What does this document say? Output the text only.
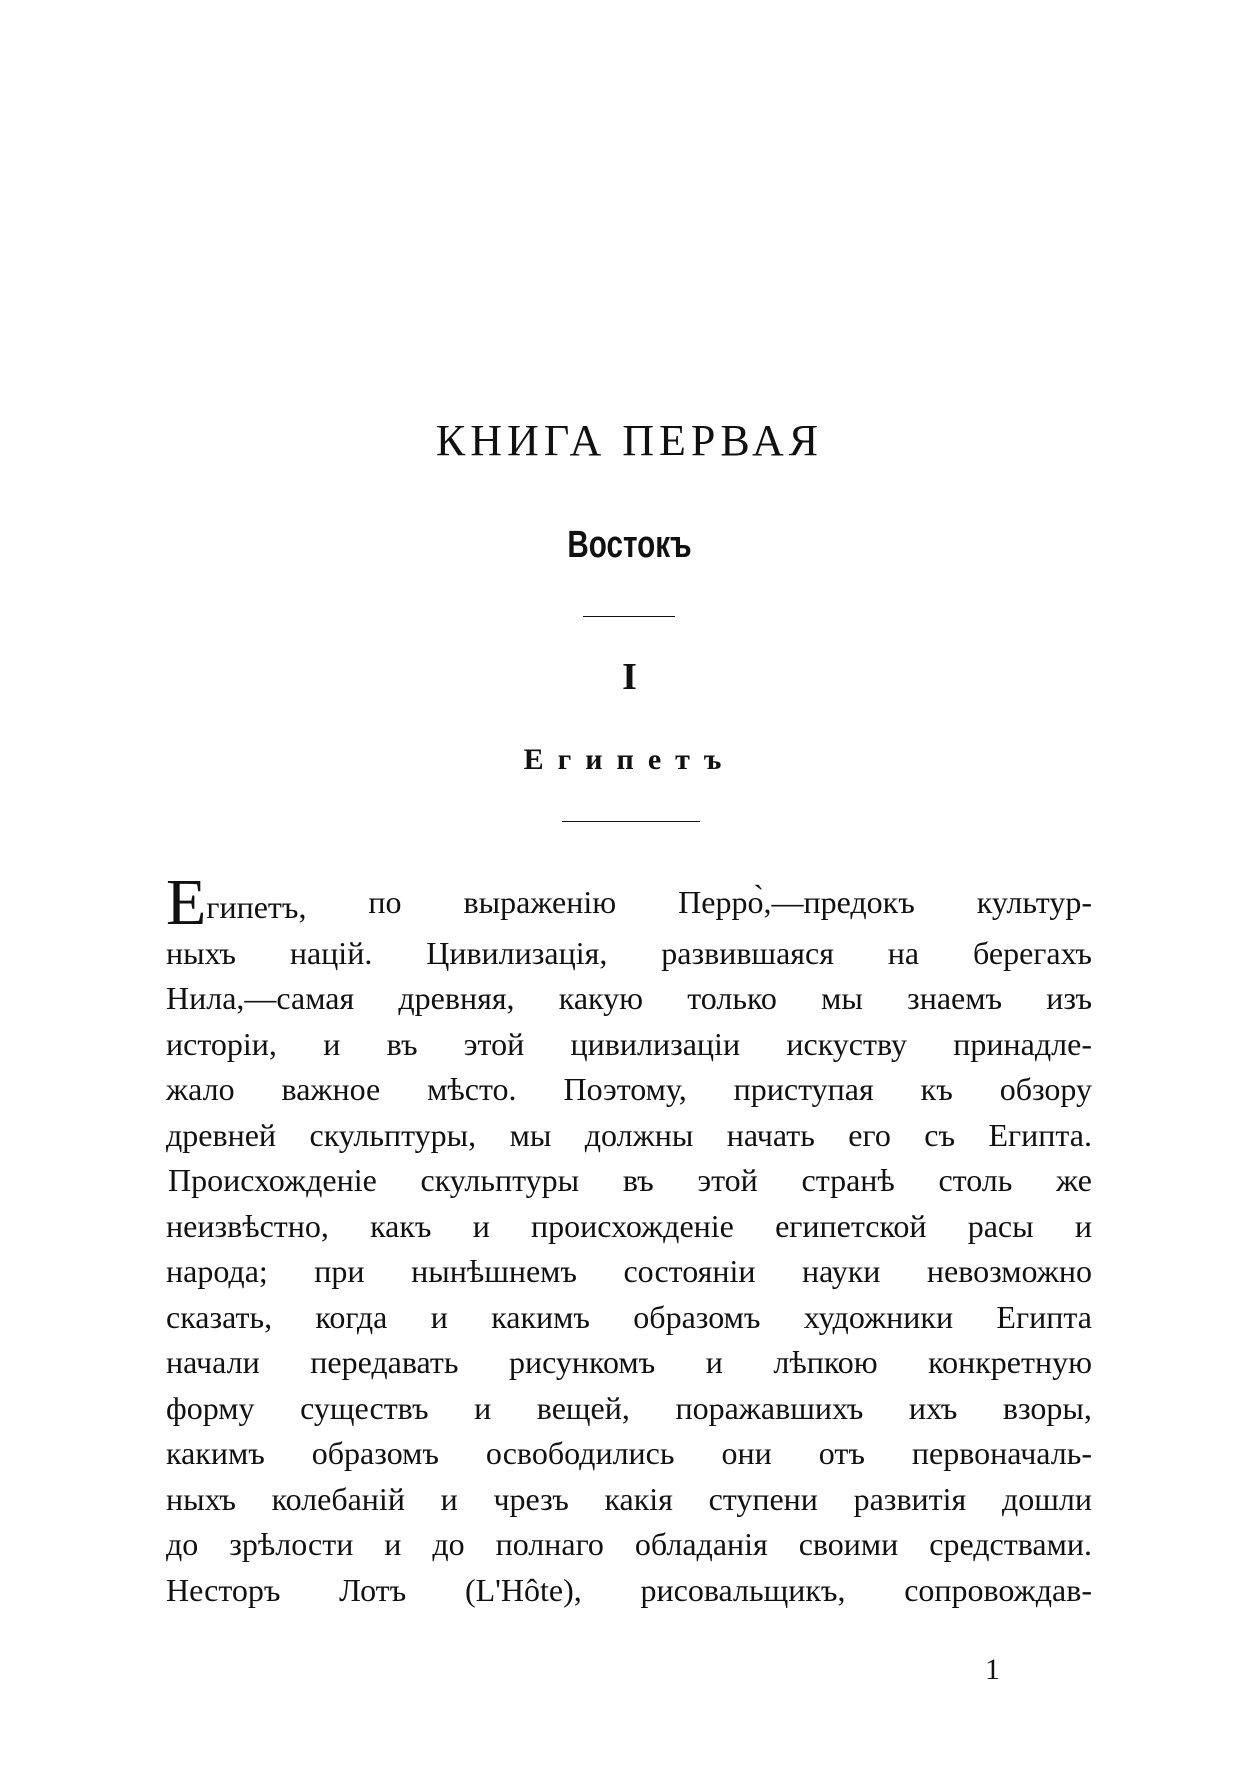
КНИГА ПЕРВАЯ
Востокъ
I
Египетъ
Египетъ, по выраженію Перро̀,—предокъ культур-
ныхъ націй. Цивилизація, развившаяся на берегахъ
Нила,—самая древняя, какую только мы знаемъ изъ
исторіи, и въ этой цивилизаціи искуству принадле-
жало важное мѣсто. Поэтому, приступая къ обзору
древней скульптуры, мы должны начать его съ Египта.
Происхожденіе скульптуры въ этой странѣ столь же
неизвѣстно, какъ и происхожденіе египетской расы и
народа; при нынѣшнемъ состояніи науки невозможно
сказать, когда и какимъ образомъ художники Египта
начали передавать рисункомъ и лѣпкою конкретную
форму существъ и вещей, поражавшихъ ихъ взоры,
какимъ образомъ освободились они отъ первоначаль-
ныхъ колебаній и чрезъ какія ступени развитія дошли
до зрѣлости и до полнаго обладанія своими средствами.
Несторъ Лотъ (L'Hôte), рисовальщикъ, сопровождав-
1
